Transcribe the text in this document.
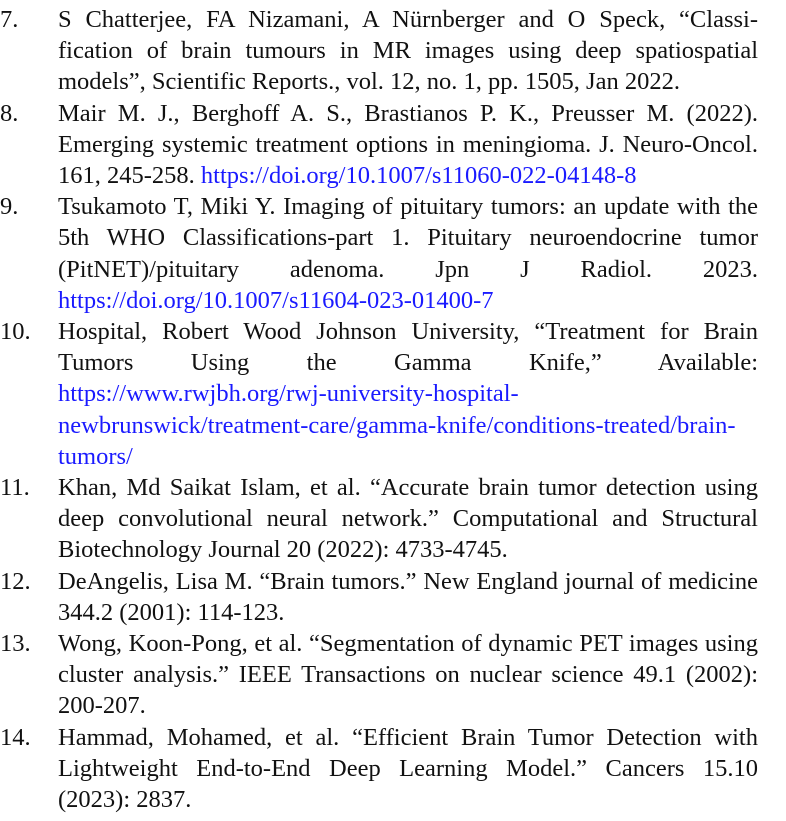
7.	S Chatterjee, FA Nizamani, A Nürnberger and O Speck, “Classi-fication of brain tumours in MR images using deep spatiospatial models”, Scientific Reports., vol. 12, no. 1, pp. 1505, Jan 2022.
8.	Mair M. J., Berghoff A. S., Brastianos P. K., Preusser M. (2022). Emerging systemic treatment options in meningioma. J. Neuro-Oncol. 161, 245-258. https://doi.org/10.1007/s11060-022-04148-8
9.	Tsukamoto T, Miki Y. Imaging of pituitary tumors: an update with the 5th WHO Classifications-part 1. Pituitary neuroendocrine tumor (PitNET)/pituitary adenoma. Jpn J Radiol. 2023. https://doi.org/10.1007/s11604-023-01400-7
10.	Hospital, Robert Wood Johnson University, “Treatment for Brain Tumors Using the Gamma Knife,” Available: https://www.rwjbh.org/rwj-university-hospital-newbrunswick/treatment-care/gamma-knife/conditions-treated/brain-tumors/
11.	Khan, Md Saikat Islam, et al. “Accurate brain tumor detection using deep convolutional neural network.” Computational and Structural Biotechnology Journal 20 (2022): 4733-4745.
12.	DeAngelis, Lisa M. “Brain tumors.” New England journal of medicine 344.2 (2001): 114-123.
13.	Wong, Koon-Pong, et al. “Segmentation of dynamic PET images using cluster analysis.” IEEE Transactions on nuclear science 49.1 (2002): 200-207.
14.	Hammad, Mohamed, et al. “Efficient Brain Tumor Detection with Lightweight End-to-End Deep Learning Model.” Cancers 15.10 (2023): 2837.
